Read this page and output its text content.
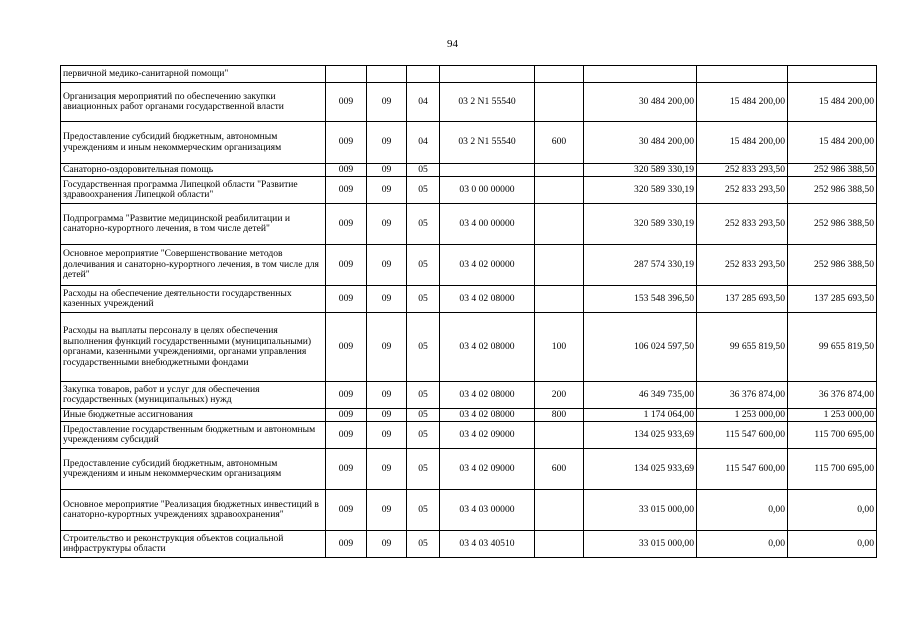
94
первичной медико-санитарной помощи"								
Организация мероприятий по обеспечению закупки авиационных работ органами государственной власти	009	09	04	03 2 N1 55540		30 484 200,00	15 484 200,00	15 484 200,00
Предоставление субсидий бюджетным, автономным учреждениям и иным некоммерческим организациям	009	09	04	03 2 N1 55540	600	30 484 200,00	15 484 200,00	15 484 200,00
Санаторно-оздоровительная помощь	009	09	05			320 589 330,19	252 833 293,50	252 986 388,50
Государственная программа Липецкой области "Развитие здравоохранения Липецкой области"	009	09	05	03 0 00 00000		320 589 330,19	252 833 293,50	252 986 388,50
Подпрограмма "Развитие медицинской реабилитации и санаторно-курортного лечения, в том числе детей"	009	09	05	03 4 00 00000		320 589 330,19	252 833 293,50	252 986 388,50
Основное мероприятие "Совершенствование методов долечивания и санаторно-курортного лечения, в том числе для детей"	009	09	05	03 4 02 00000		287 574 330,19	252 833 293,50	252 986 388,50
Расходы на обеспечение деятельности государственных казенных учреждений	009	09	05	03 4 02 08000		153 548 396,50	137 285 693,50	137 285 693,50
Расходы на выплаты персоналу в целях обеспечения выполнения функций государственными (муниципальными) органами, казенными учреждениями, органами управления государственными внебюджетными фондами	009	09	05	03 4 02 08000	100	106 024 597,50	99 655 819,50	99 655 819,50
Закупка товаров, работ и услуг для обеспечения государственных (муниципальных) нужд	009	09	05	03 4 02 08000	200	46 349 735,00	36 376 874,00	36 376 874,00
Иные бюджетные ассигнования	009	09	05	03 4 02 08000	800	1 174 064,00	1 253 000,00	1 253 000,00
Предоставление государственным бюджетным и автономным учреждениям субсидий	009	09	05	03 4 02 09000		134 025 933,69	115 547 600,00	115 700 695,00
Предоставление субсидий бюджетным, автономным учреждениям и иным некоммерческим организациям	009	09	05	03 4 02 09000	600	134 025 933,69	115 547 600,00	115 700 695,00
Основное мероприятие "Реализация бюджетных инвестиций в санаторно-курортных учреждениях здравоохранения"	009	09	05	03 4 03 00000		33 015 000,00	0,00	0,00
Строительство и реконструкция объектов социальной инфраструктуры области	009	09	05	03 4 03 40510		33 015 000,00	0,00	0,00
